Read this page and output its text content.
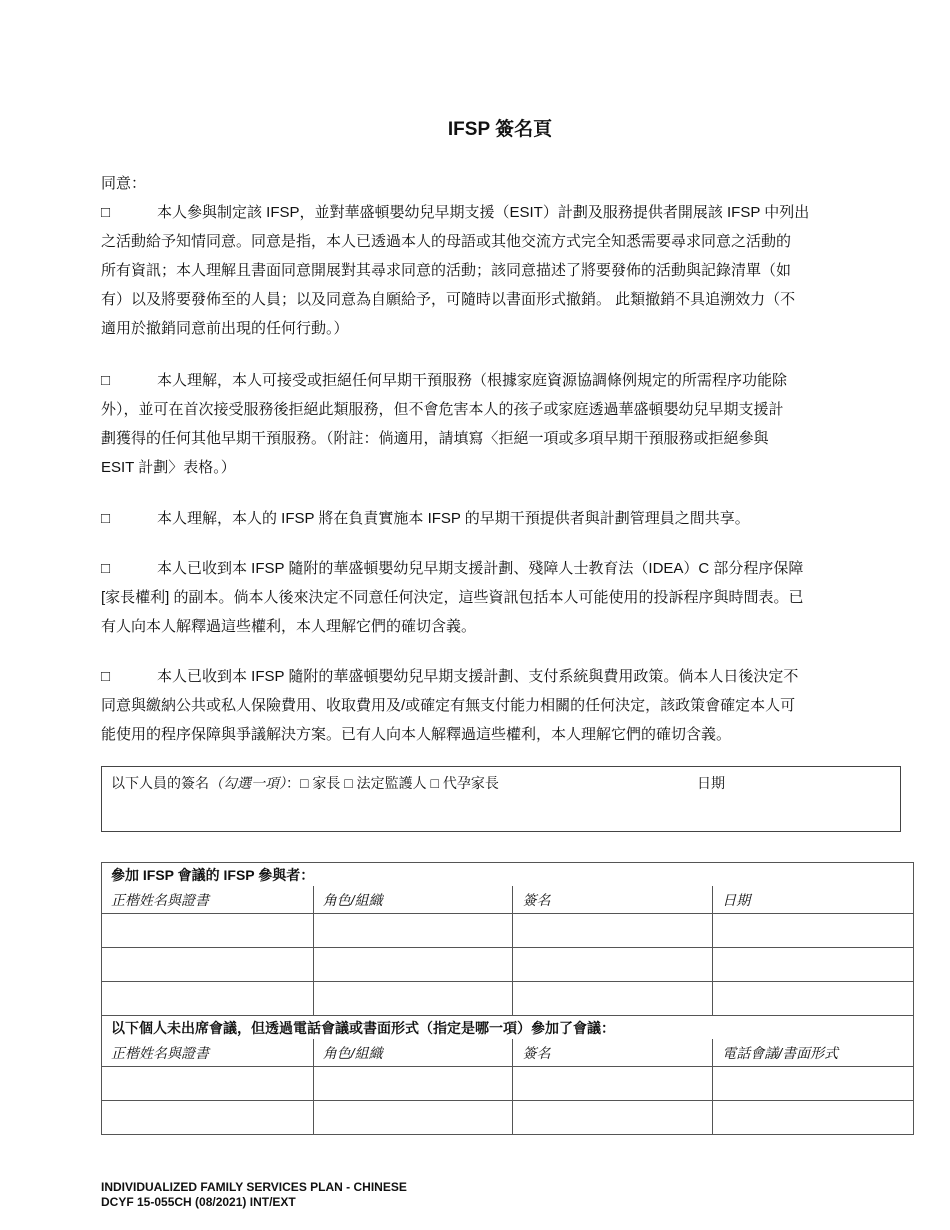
IFSP 簽名頁
同意：
□	本人參與制定該 IFSP，並對華盛頓嬰幼兒早期支援（ESIT）計劃及服務提供者開展該 IFSP 中列出
之活動給予知情同意。同意是指，本人已透過本人的母語或其他交流方式完全知悉需要尋求同意之活動的
所有資訊；本人理解且書面同意開展對其尋求同意的活動；該同意描述了將要發佈的活動與記錄清單（如
有）以及將要發佈至的人員；以及同意為自願給予，可隨時以書面形式撤銷。 此類撤銷不具追溯效力（不
適用於撤銷同意前出現的任何行動。）
□	本人理解，本人可接受或拒絕任何早期干預服務（根據家庭資源協調條例規定的所需程序功能除
外），並可在首次接受服務後拒絕此類服務，但不會危害本人的孩子或家庭透過華盛頓嬰幼兒早期支援計
劃獲得的任何其他早期干預服務。（附註：倘適用，請填寫〈拒絕一項或多項早期干預服務或拒絕參與
ESIT 計劃〉表格。）
□	本人理解，本人的 IFSP 將在負責實施本 IFSP 的早期干預提供者與計劃管理員之間共享。
□	本人已收到本 IFSP 隨附的華盛頓嬰幼兒早期支援計劃、殘障人士教育法（IDEA）C 部分程序保障
[家長權利] 的副本。倘本人後來決定不同意任何決定，這些資訊包括本人可能使用的投訴程序與時間表。已
有人向本人解釋過這些權利，本人理解它們的確切含義。
□	本人已收到本 IFSP 隨附的華盛頓嬰幼兒早期支援計劃、支付系統與費用政策。倘本人日後決定不
同意與繳納公共或私人保險費用、收取費用及/或確定有無支付能力相關的任何決定，該政策會確定本人可
能使用的程序保障與爭議解決方案。已有人向本人解釋過這些權利，本人理解它們的確切含義。
以下人員的簽名（勾選一項）：□ 家長 □ 法定監護人 □ 代孕家長	日期
參加 IFSP 會議的 IFSP 參與者：			
正楷姓名與證書	角色/組織	簽名	日期

以下個人未出席會議，但透過電話會議或書面形式（指定是哪一項）參加了會議：			
正楷姓名與證書	角色/組織	簽名	電話會議/書面形式

INDIVIDUALIZED FAMILY SERVICES PLAN - CHINESE
DCYF 15-055CH (08/2021) INT/EXT
